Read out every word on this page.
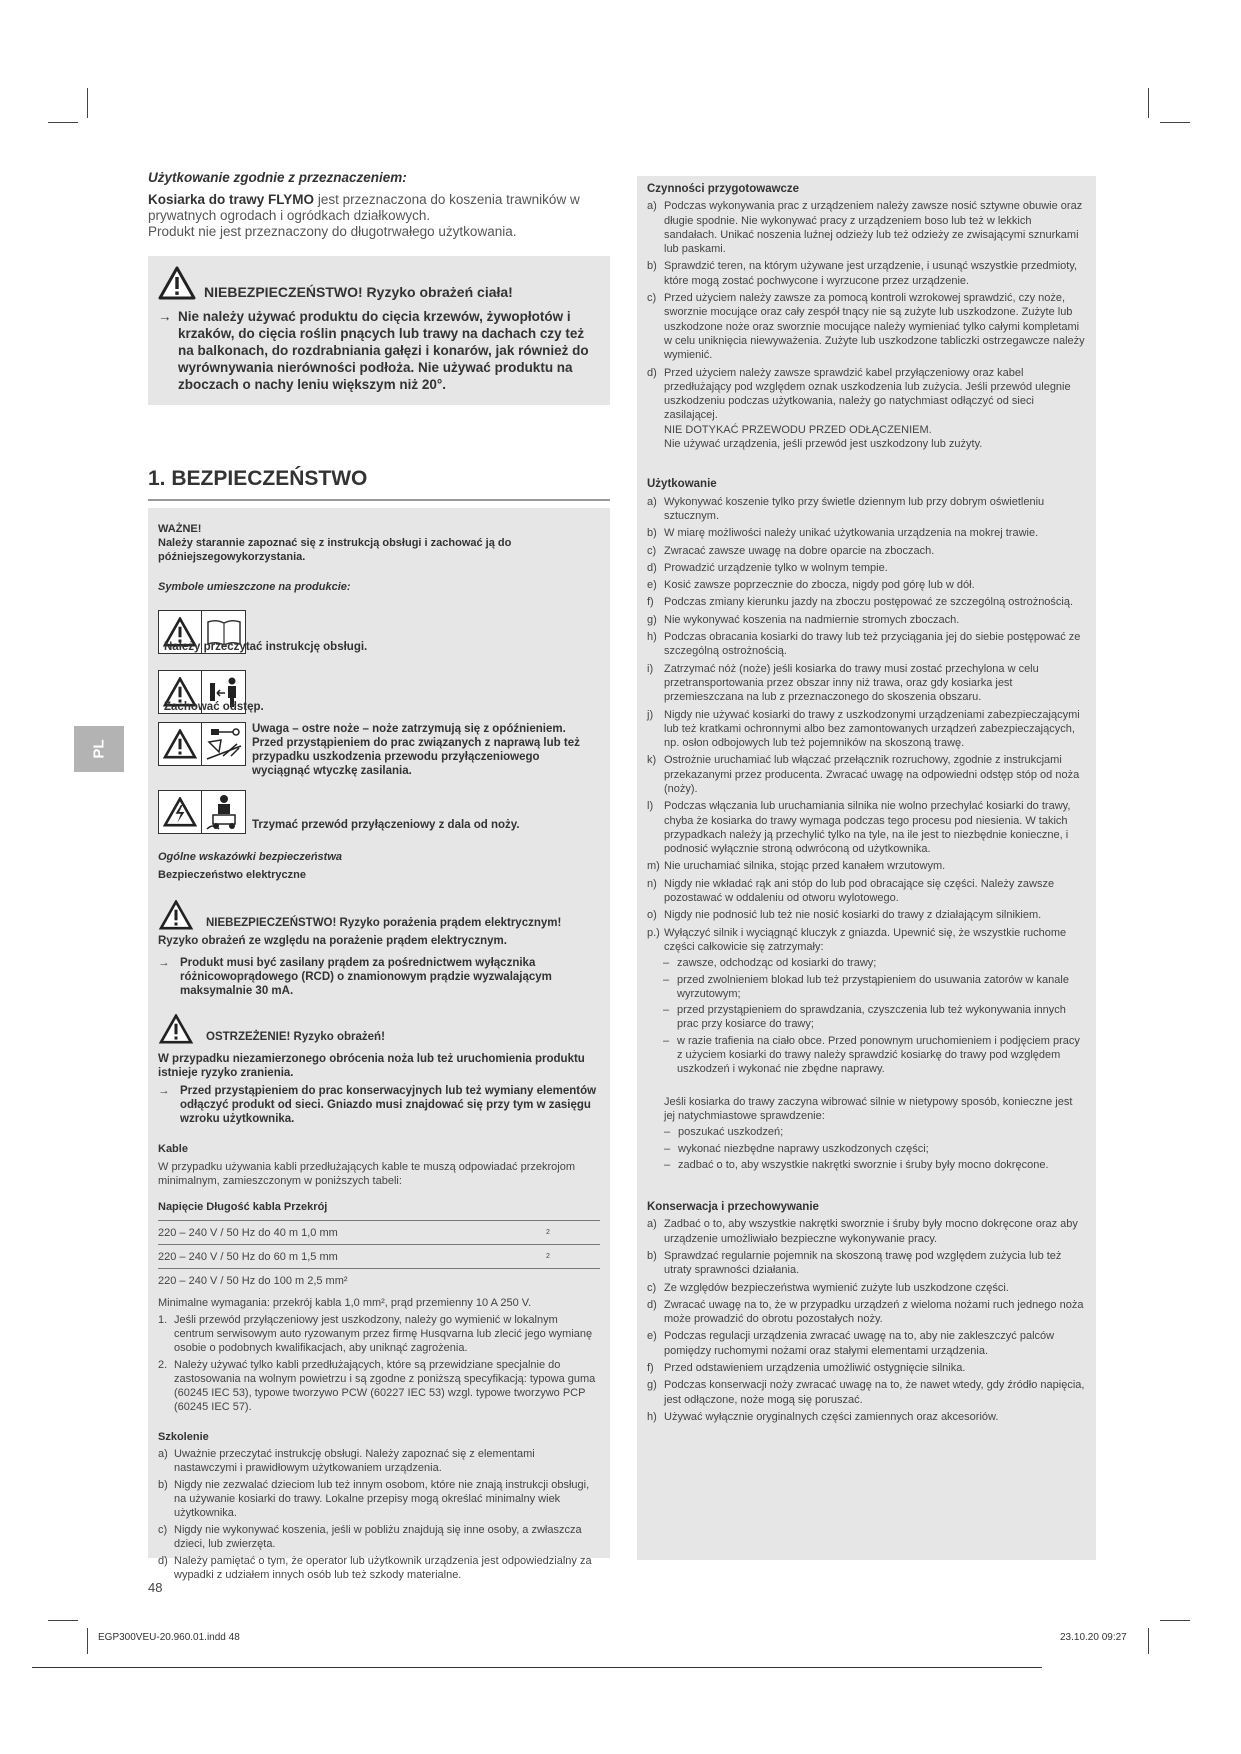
PL
Użytkowanie zgodnie z przeznaczeniem:
Kosiarka do trawy FLYMO jest przeznaczona do koszenia trawników w prywatnych ogrodach i ogródkach działkowych.
Produkt nie jest przeznaczony do długotrwałego użytkowania.
NIEBEZPIECZEŃSTWO! Ryzyko obrażeń ciała!
→ Nie należy używać produktu do cięcia krzewów, żywopłotów i krzaków, do cięcia roślin pnących lub trawy na dachach czy też na balkonach, do rozdrabniania gałęzi i konarów, jak również do wyrównywania nierówności podłoża. Nie używać produktu na zboczach o nachy leniu większym niż 20°.
1. BEZPIECZEŃSTWO
WAŻNE!
Należy starannie zapoznać się z instrukcją obsługi i zachować ją do późniejszegowykorzystania.
Symbole umieszczone na produkcie:
Należy przeczytać instrukcję obsługi.
Zachować odstęp.
Uwaga – ostre noże – noże zatrzymują się z opóźnieniem. Przed przystąpieniem do prac związanych z naprawą lub też przypadku uszkodzenia przewodu przyłączeniowego wyciągnąć wtyczkę zasilania.
Trzymać przewód przyłączeniowy z dala od noży.
Ogólne wskazówki bezpieczeństwa
Bezpieczeństwo elektryczne
NIEBEZPIECZEŃSTWO! Ryzyko porażenia prądem elektrycznym!
Ryzyko obrażeń ze względu na porażenie prądem elektrycznym.
→ Produkt musi być zasilany prądem za pośrednictwem wyłącznika różnicowoprądowego (RCD) o znamionowym prądzie wyzwalającym maksymalnie 30 mA.
OSTRZEŻENIE! Ryzyko obrażeń!
W przypadku niezamierzonego obrócenia noża lub też uruchomienia produktu istnieje ryzyko zranienia.
→ Przed przystąpieniem do prac konserwacyjnych lub też wymiany elementów odłączyć produkt od sieci. Gniazdo musi znajdować się przy tym w zasięgu wzroku użytkownika.
Kable
W przypadku używania kabli przedłużających kable te muszą odpowiadać przekrojom minimalnym, zamieszczonym w poniższych tabeli:
Napięcie Długość kabla Przekrój
220 – 240 V / 50 Hz do 40 m 1,0 mm	2
220 – 240 V / 50 Hz do 60 m 1,5 mm	2
220 – 240 V / 50 Hz do 100 m 2,5 mm²	
Minimalne wymagania: przekrój kabla 1,0 mm², prąd przemienny 10 A 250 V.
1. Jeśli przewód przyłączeniowy jest uszkodzony, należy go wymienić w lokalnym centrum serwisowym auto ryzowanym przez firmę Husqvarna lub zlecić jego wymianę osobie o podobnych kwalifikacjach, aby uniknąć zagrożenia.
2. Należy używać tylko kabli przedłużających, które są przewidziane specjalnie do zastosowania na wolnym powietrzu i są zgodne z poniższą specyfikacją: typowa guma (60245 IEC 53), typowe tworzywo PCW (60227 IEC 53) wzgl. typowe tworzywo PCP (60245 IEC 57).
Szkolenie
a) Uważnie przeczytać instrukcję obsługi. Należy zapoznać się z elementami nastawczymi i prawidłowym użytkowaniem urządzenia.
b) Nigdy nie zezwalać dzieciom lub też innym osobom, które nie znają instrukcji obsługi, na używanie kosiarki do trawy. Lokalne przepisy mogą określać minimalny wiek użytkownika.
c) Nigdy nie wykonywać koszenia, jeśli w pobliżu znajdują się inne osoby, a zwłaszcza dzieci, lub zwierzęta.
d) Należy pamiętać o tym, że operator lub użytkownik urządzenia jest odpowiedzialny za wypadki z udziałem innych osób lub też szkody materialne.
Czynności przygotowawcze
a) Podczas wykonywania prac z urządzeniem należy zawsze nosić sztywne obuwie oraz długie spodnie. Nie wykonywać pracy z urządzeniem boso lub też w lekkich sandałach. Unikać noszenia luźnej odzieży lub też odzieży ze zwisającymi sznurkami lub paskami.
b) Sprawdzić teren, na którym używane jest urządzenie, i usunąć wszystkie przedmioty, które mogą zostać pochwycone i wyrzucone przez urządzenie.
c) Przed użyciem należy zawsze za pomocą kontroli wzrokowej sprawdzić, czy noże, sworznie mocujące oraz cały zespół tnący nie są zużyte lub uszkodzone. Zużyte lub uszkodzone noże oraz sworznie mocujące należy wymieniać tylko całymi kompletami w celu uniknięcia niewyważenia. Zużyte lub uszkodzone tabliczki ostrzegawcze należy wymienić.
d) Przed użyciem należy zawsze sprawdzić kabel przyłączeniowy oraz kabel przedłużający pod względem oznak uszkodzenia lub zużycia. Jeśli przewód ulegnie uszkodzeniu podczas użytkowania, należy go natychmiast odłączyć od sieci zasilającej.
NIE DOTYKAĆ PRZEWODU PRZED ODŁĄCZENIEM.
Nie używać urządzenia, jeśli przewód jest uszkodzony lub zużyty.
Użytkowanie
a) Wykonywać koszenie tylko przy świetle dziennym lub przy dobrym oświetleniu sztucznym.
b) W miarę możliwości należy unikać użytkowania urządzenia na mokrej trawie.
c) Zwracać zawsze uwagę na dobre oparcie na zboczach.
d) Prowadzić urządzenie tylko w wolnym tempie.
e) Kosić zawsze poprzecznie do zbocza, nigdy pod górę lub w dół.
f) Podczas zmiany kierunku jazdy na zboczu postępować ze szczególną ostrożnością.
g) Nie wykonywać koszenia na nadmiernie stromych zboczach.
h) Podczas obracania kosiarki do trawy lub też przyciągania jej do siebie postępować ze szczególną ostrożnością.
i) Zatrzymać nóż (noże) jeśli kosiarka do trawy musi zostać przechylona w celu przetransportowania przez obszar inny niż trawa, oraz gdy kosiarka jest przemieszczana na lub z przeznaczonego do skoszenia obszaru.
j) Nigdy nie używać kosiarki do trawy z uszkodzonymi urządzeniami zabezpieczającymi lub też kratkami ochronnymi albo bez zamontowanych urządzeń zabezpieczających, np. osłon odbojowych lub też pojemników na skoszoną trawę.
k) Ostrożnie uruchamiać lub włączać przełącznik rozruchowy, zgodnie z instrukcjami przekazanymi przez producenta. Zwracać uwagę na odpowiedni odstęp stóp od noża (noży).
l) Podczas włączania lub uruchamiania silnika nie wolno przechylać kosiarki do trawy, chyba że kosiarka do trawy wymaga podczas tego procesu pod niesienia. W takich przypadkach należy ją przechylić tylko na tyle, na ile jest to niezbędnie konieczne, i podnosić wyłącznie stroną odwróconą od użytkownika.
m) Nie uruchamiać silnika, stojąc przed kanałem wrzutowym.
n) Nigdy nie wkładać rąk ani stóp do lub pod obracające się części. Należy zawsze pozostawać w oddaleniu od otworu wylotowego.
o) Nigdy nie podnosić lub też nie nosić kosiarki do trawy z działającym silnikiem.
p.) Wyłączyć silnik i wyciągnąć kluczyk z gniazda. Upewnić się, że wszystkie ruchome części całkowicie się zatrzymały:
– zawsze, odchodząc od kosiarki do trawy;
– przed zwolnieniem blokad lub też przystąpieniem do usuwania zatorów w kanale wyrzutowym;
– przed przystąpieniem do sprawdzania, czyszczenia lub też wykonywania innych prac przy kosiarce do trawy;
– w razie trafienia na ciało obce. Przed ponownym uruchomieniem i podjęciem pracy z użyciem kosiarki do trawy należy sprawdzić kosiarkę do trawy pod względem uszkodzeń i wykonać nie zbędne naprawy.
Jeśli kosiarka do trawy zaczyna wibrować silnie w nietypowy sposób, konieczne jest jej natychmiastowe sprawdzenie:
– poszukać uszkodzeń;
– wykonać niezbędne naprawy uszkodzonych części;
– zadbać o to, aby wszystkie nakrętki sworznie i śruby były mocno dokręcone.
Konserwacja i przechowywanie
a) Zadbać o to, aby wszystkie nakrętki sworznie i śruby były mocno dokręcone oraz aby urządzenie umożliwiało bezpieczne wykonywanie pracy.
b) Sprawdzać regularnie pojemnik na skoszoną trawę pod względem zużycia lub też utraty sprawności działania.
c) Ze względów bezpieczeństwa wymienić zużyte lub uszkodzone części.
d) Zwracać uwagę na to, że w przypadku urządzeń z wieloma nożami ruch jednego noża może prowadzić do obrotu pozostałych noży.
e) Podczas regulacji urządzenia zwracać uwagę na to, aby nie zakleszczyć palców pomiędzy ruchomymi nożami oraz stałymi elementami urządzenia.
f) Przed odstawieniem urządzenia umożliwić ostygnięcie silnika.
g) Podczas konserwacji noży zwracać uwagę na to, że nawet wtedy, gdy źródło napięcia, jest odłączone, noże mogą się poruszać.
h) Używać wyłącznie oryginalnych części zamiennych oraz akcesoriów.
48
EGP300VEU-20.960.01.indd 48	23.10.20 09:27
